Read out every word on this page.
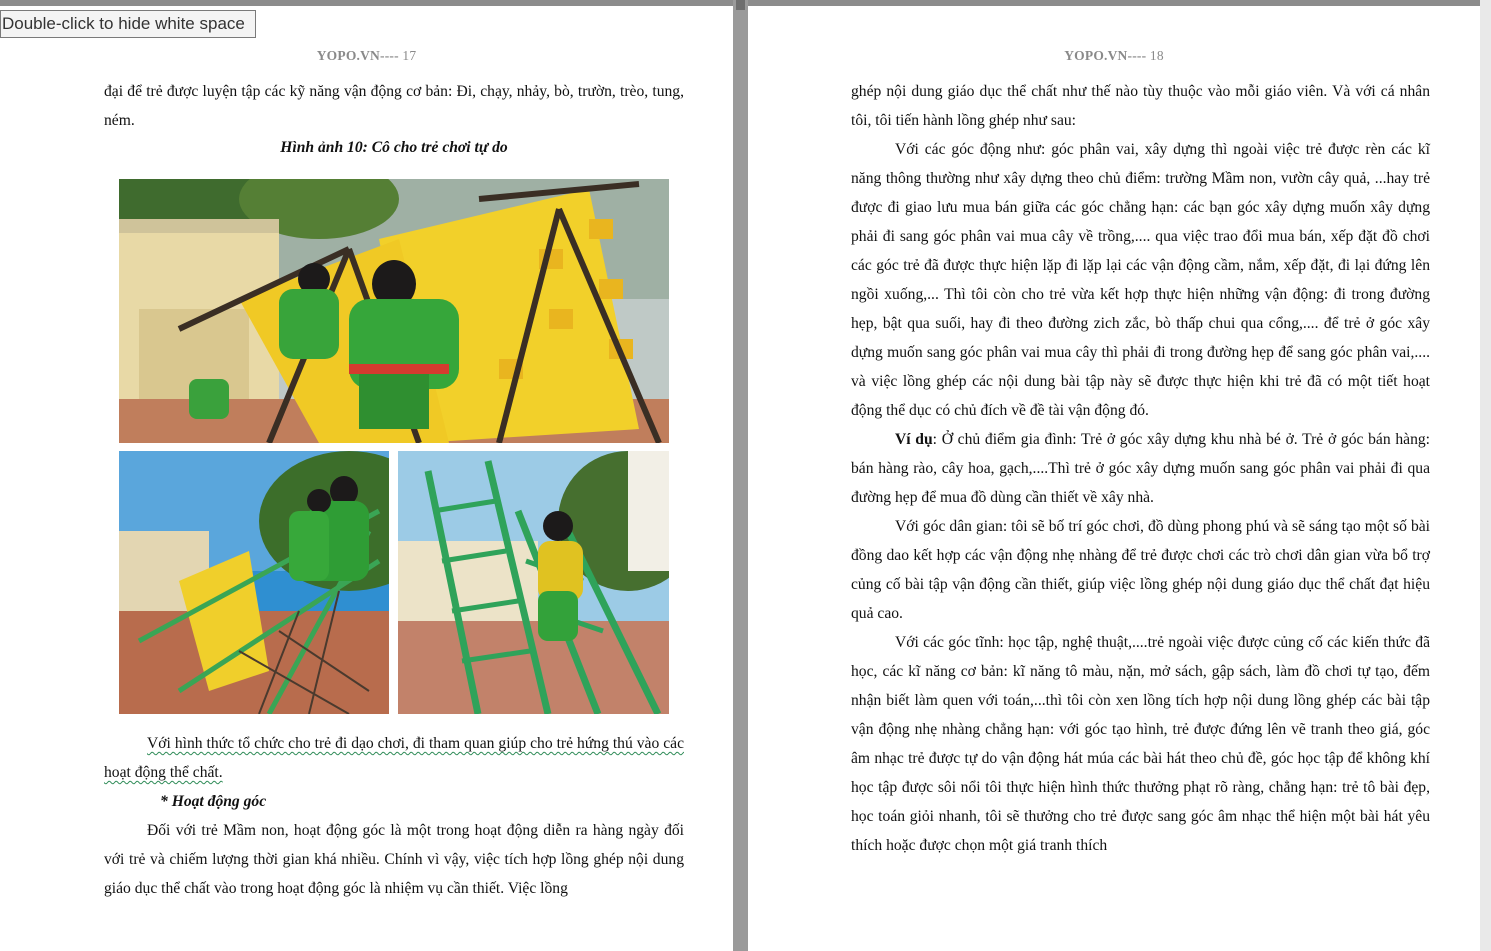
Double-click to hide white space
YOPO.VN---- 17

đại để trẻ được luyện tập các kỹ năng vận động cơ bản: Đi, chạy, nhảy, bò, trườn, trèo, tung, ném.

Hình ảnh 10: Cô cho trẻ chơi tự do

Với hình thức tổ chức cho trẻ đi dạo chơi, đi tham quan giúp cho trẻ hứng thú vào các hoạt động thể chất.

* Hoạt động góc

Đối với trẻ Mầm non, hoạt động góc là một trong hoạt động diễn ra hàng ngày đối với trẻ và chiếm lượng thời gian khá nhiều. Chính vì vậy, việc tích hợp lồng ghép nội dung giáo dục thể chất vào trong hoạt động góc là nhiệm vụ cần thiết. Việc lồng

YOPO.VN---- 18

ghép nội dung giáo dục thể chất như thế nào tùy thuộc vào mỗi giáo viên. Và với cá nhân tôi, tôi tiến hành lồng ghép như sau:

Với các góc động như: góc phân vai, xây dựng thì ngoài việc trẻ được rèn các kĩ năng thông thường như xây dựng theo chủ điểm: trường Mầm non, vườn cây quả, ...hay trẻ được đi giao lưu mua bán giữa các góc chẳng hạn: các bạn góc xây dựng muốn xây dựng phải đi sang góc phân vai mua cây về trồng,.... qua việc trao đổi mua bán, xếp đặt đồ chơi các góc trẻ đã được thực hiện lặp đi lặp lại các vận động cầm, nắm, xếp đặt, đi lại đứng lên ngồi xuống,... Thì tôi còn cho trẻ vừa kết hợp thực hiện những vận động: đi trong đường hẹp, bật qua suối, hay đi theo đường zich zắc, bò thấp chui qua cổng,.... để trẻ ở góc xây dựng muốn sang góc phân vai mua cây thì phải đi trong đường hẹp để sang góc phân vai,.... và việc lồng ghép các nội dung bài tập này sẽ được thực hiện khi trẻ đã có một tiết hoạt động thể dục có chủ đích về đề tài vận động đó.

Ví dụ: Ở chủ điểm gia đình: Trẻ ở góc xây dựng khu nhà bé ở. Trẻ ở góc bán hàng: bán hàng rào, cây hoa, gạch,....Thì trẻ ở góc xây dựng muốn sang góc phân vai phải đi qua đường hẹp để mua đồ dùng cần thiết về xây nhà.

Với góc dân gian: tôi sẽ bố trí góc chơi, đồ dùng phong phú và sẽ sáng tạo một số bài đồng dao kết hợp các vận động nhẹ nhàng để trẻ được chơi các trò chơi dân gian vừa bổ trợ củng cố bài tập vận động cần thiết, giúp việc lồng ghép nội dung giáo dục thể chất đạt hiệu quả cao.

Với các góc tĩnh: học tập, nghệ thuật,....trẻ ngoài việc được củng cố các kiến thức đã học, các kĩ năng cơ bản: kĩ năng tô màu, nặn, mở sách, gập sách, làm đồ chơi tự tạo, đếm nhận biết làm quen với toán,...thì tôi còn xen lồng tích hợp nội dung lồng ghép các bài tập vận động nhẹ nhàng chẳng hạn: với góc tạo hình, trẻ được đứng lên vẽ tranh theo giá, góc âm nhạc trẻ được tự do vận động hát múa các bài hát theo chủ đề, góc học tập để không khí học tập được sôi nổi tôi thực hiện hình thức thưởng phạt rõ ràng, chẳng hạn: trẻ tô bài đẹp, học toán giỏi nhanh, tôi sẽ thưởng cho trẻ được sang góc âm nhạc thể hiện một bài hát yêu thích hoặc được chọn một giá tranh thích
